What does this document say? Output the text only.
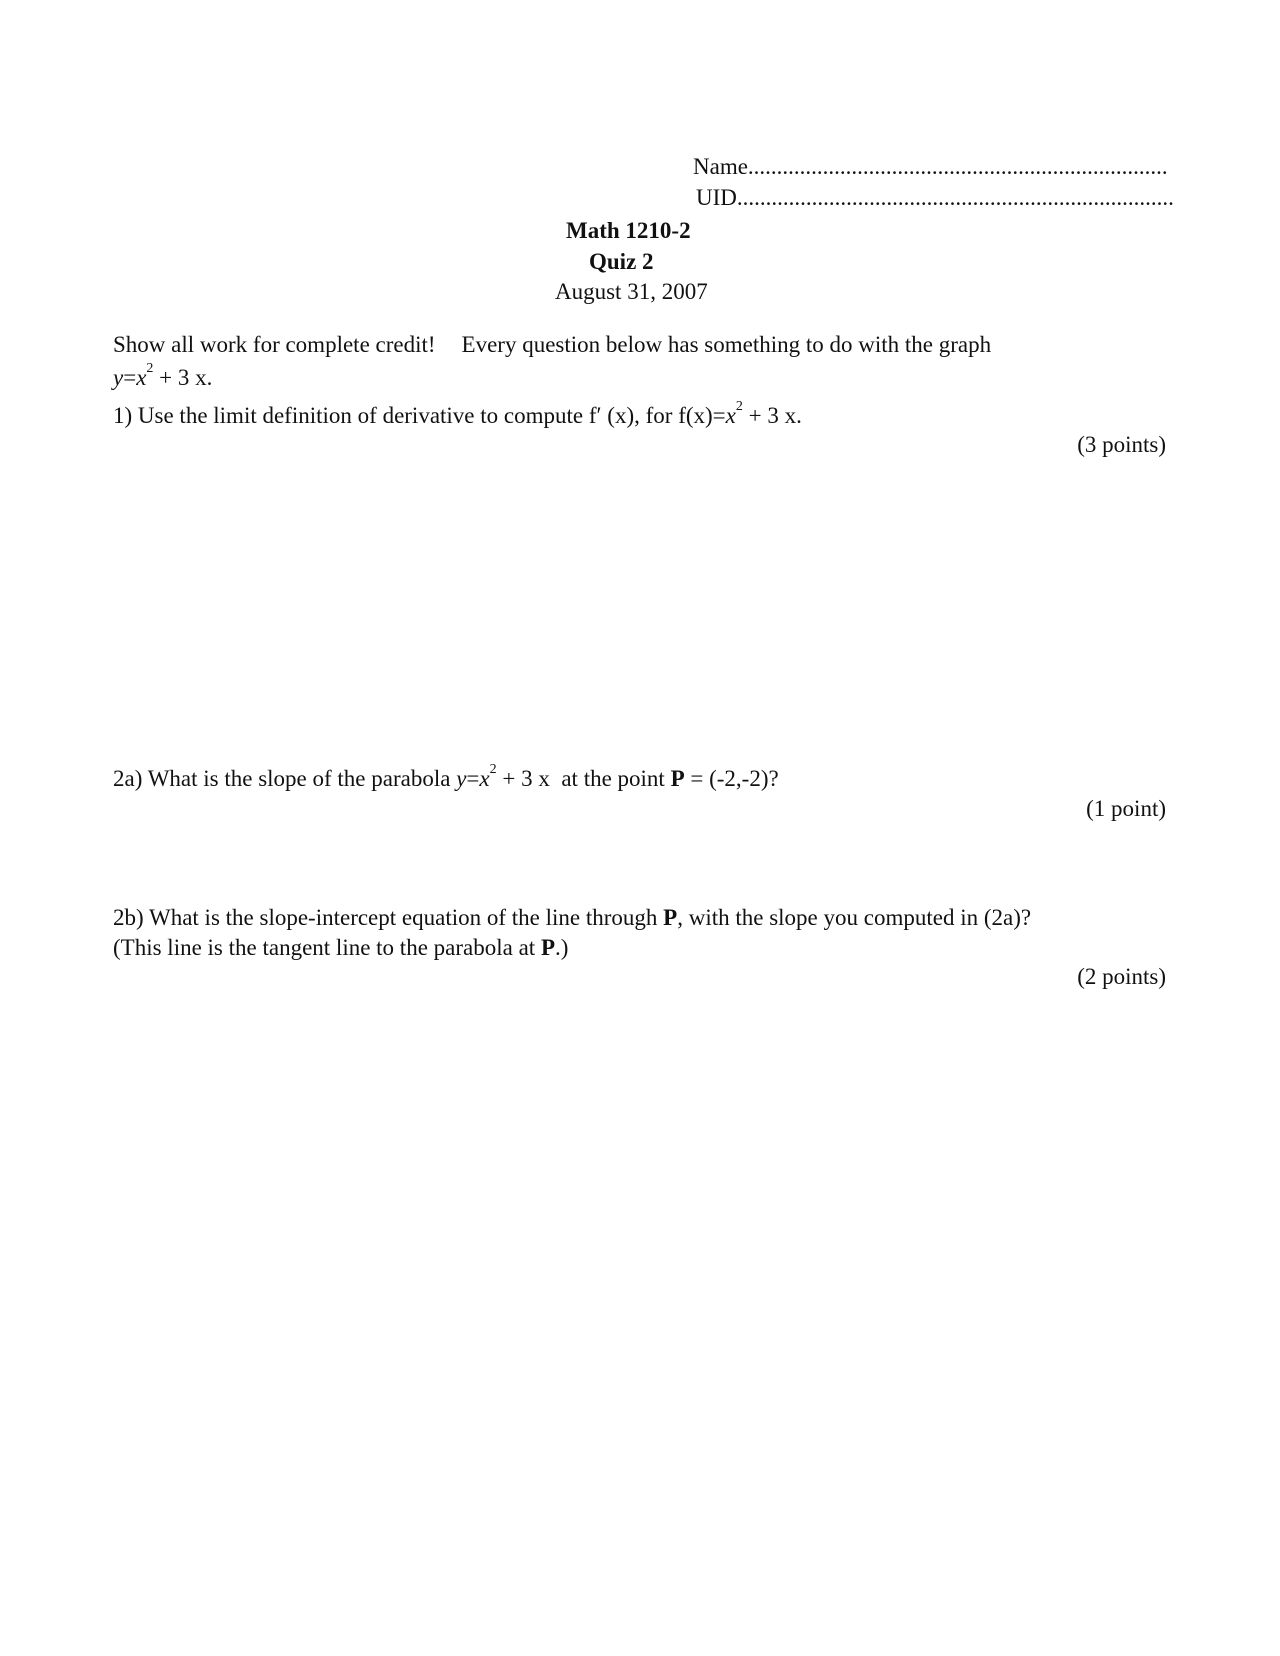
Name.........................................................................
UID............................................................................
Math 1210-2
Quiz 2
August 31, 2007
Show all work for complete credit! Every question below has something to do with the graph
$y=x^2 + 3$ x.
1) Use the limit definition of derivative to compute f′ (x), for $f(x)=x^2 + 3$ x.
(3 points)
2a) What is the slope of the parabola $y=x^2 + 3$ x at the point P = (-2,-2)?
(1 point)
2b) What is the slope-intercept equation of the line through P, with the slope you computed in (2a)?
(This line is the tangent line to the parabola at P.)
(2 points)
